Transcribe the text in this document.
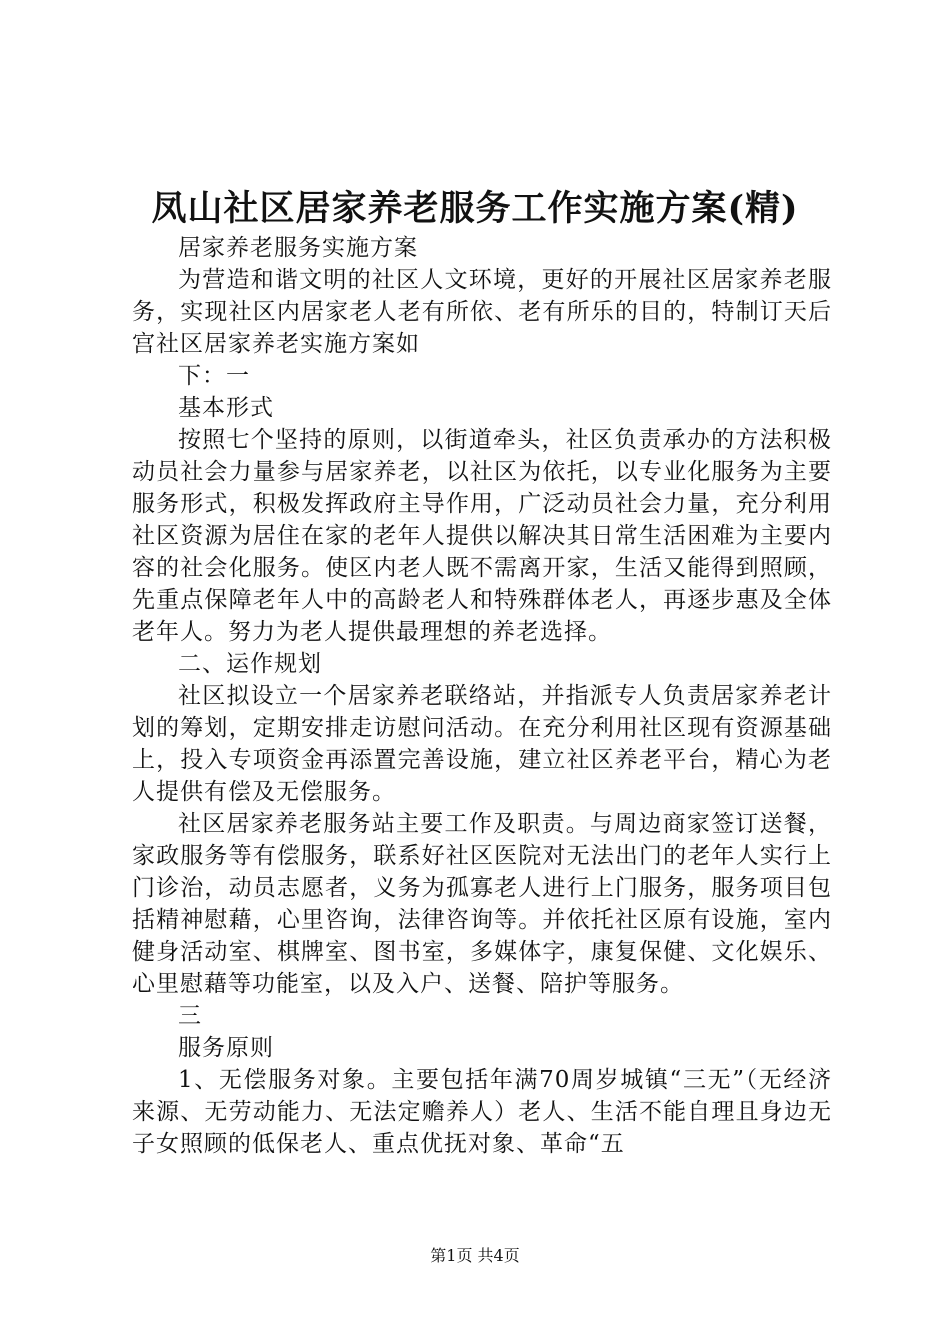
凤山社区居家养老服务工作实施方案(精)

居家养老服务实施方案

为营造和谐文明的社区人文环境，更好的开展社区居家养老服务，实现社区内居家老人老有所依、老有所乐的目的，特制订天后宫社区居家养老实施方案如

下：一

基本形式

按照七个坚持的原则，以街道牵头，社区负责承办的方法积极动员社会力量参与居家养老，以社区为依托，以专业化服务为主要服务形式，积极发挥政府主导作用，广泛动员社会力量，充分利用社区资源为居住在家的老年人提供以解决其日常生活困难为主要内容的社会化服务。使区内老人既不需离开家，生活又能得到照顾，先重点保障老年人中的高龄老人和特殊群体老人，再逐步惠及全体老年人。努力为老人提供最理想的养老选择。

二、运作规划

社区拟设立一个居家养老联络站，并指派专人负责居家养老计划的筹划，定期安排走访慰问活动。在充分利用社区现有资源基础上，投入专项资金再添置完善设施，建立社区养老平台，精心为老人提供有偿及无偿服务。

社区居家养老服务站主要工作及职责。与周边商家签订送餐，家政服务等有偿服务，联系好社区医院对无法出门的老年人实行上门诊治，动员志愿者，义务为孤寡老人进行上门服务，服务项目包括精神慰藉，心里咨询，法律咨询等。并依托社区原有设施，室内健身活动室、棋牌室、图书室，多媒体字，康复保健、文化娱乐、心里慰藉等功能室，以及入户、送餐、陪护等服务。

三

服务原则

1、无偿服务对象。主要包括年满70周岁城镇“三无”（无经济来源、无劳动能力、无法定赡养人）老人、生活不能自理且身边无子女照顾的低保老人、重点优抚对象、革命“五

第1页 共4页
